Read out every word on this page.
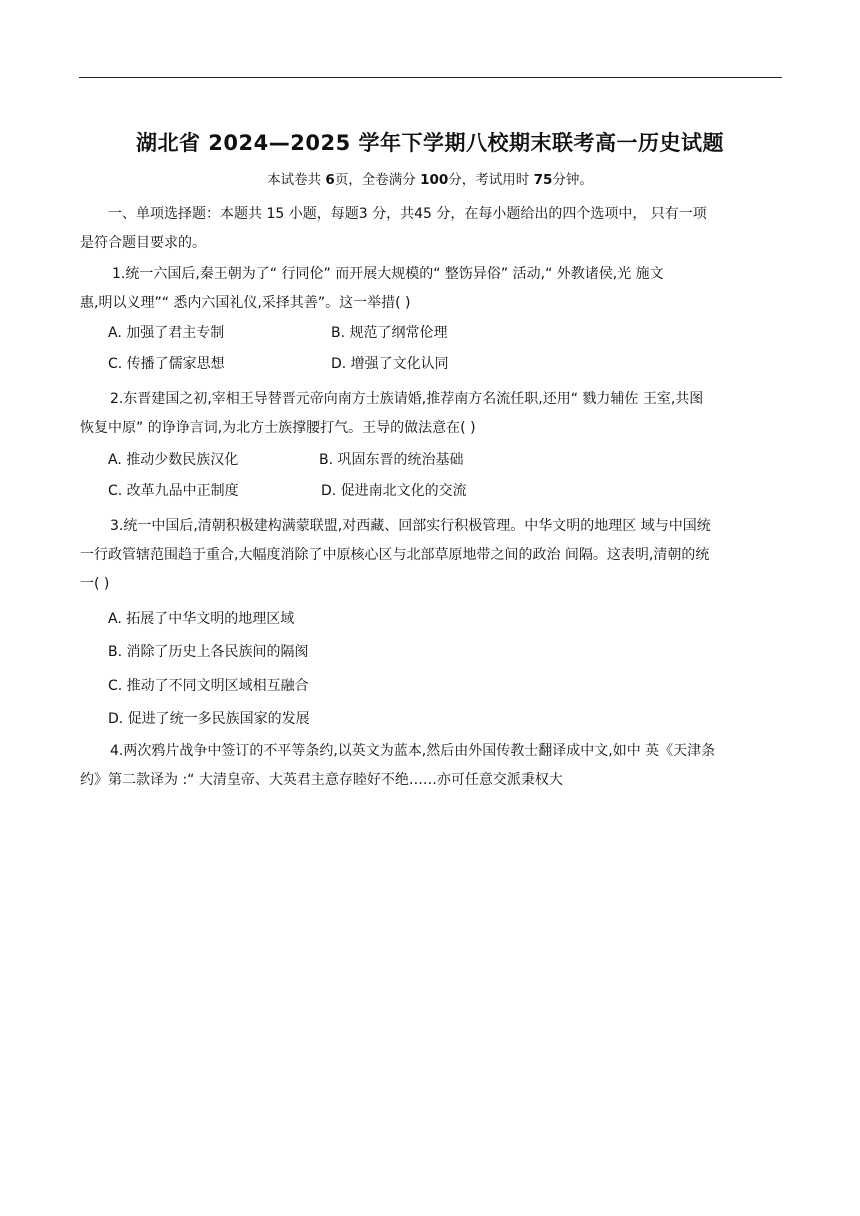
湖北省 2024—2025 学年下学期八校期末联考高一历史试题
本试卷共 6页，全卷满分 100分，考试用时 75分钟。
一、单项选择题：本题共 15 小题，每题3 分，共45 分，在每小题给出的四个选项中， 只有一项
是符合题目要求的。
1.统一六国后,秦王朝为了“ 行同伦” 而开展大规模的“ 整饬异俗” 活动,“ 外教诸侯,光 施文
惠,明以义理”“ 悉内六国礼仪,采择其善”。这一举措( )
A. 加强了君主专制	B. 规范了纲常伦理
C. 传播了儒家思想	D. 增强了文化认同
2.东晋建国之初,宰相王导替晋元帝向南方士族请婚,推荐南方名流任职,还用“ 戮力辅佐 王室,共图
恢复中原” 的诤诤言词,为北方士族撑腰打气。王导的做法意在( )
A. 推动少数民族汉化	B. 巩固东晋的统治基础
C. 改革九品中正制度	D. 促进南北文化的交流
3.统一中国后,清朝积极建构满蒙联盟,对西藏、回部实行积极管理。中华文明的地理区 域与中国统
一行政管辖范围趋于重合,大幅度消除了中原核心区与北部草原地带之间的政治 间隔。这表明,清朝的统
一( )
A. 拓展了中华文明的地理区域
B. 消除了历史上各民族间的隔阂
C. 推动了不同文明区域相互融合
D. 促进了统一多民族国家的发展
4.两次鸦片战争中签订的不平等条约,以英文为蓝本,然后由外国传教士翻译成中文,如中 英《天津条
约》第二款译为 :“ 大清皇帝、大英君主意存睦好不绝……亦可任意交派秉权大
